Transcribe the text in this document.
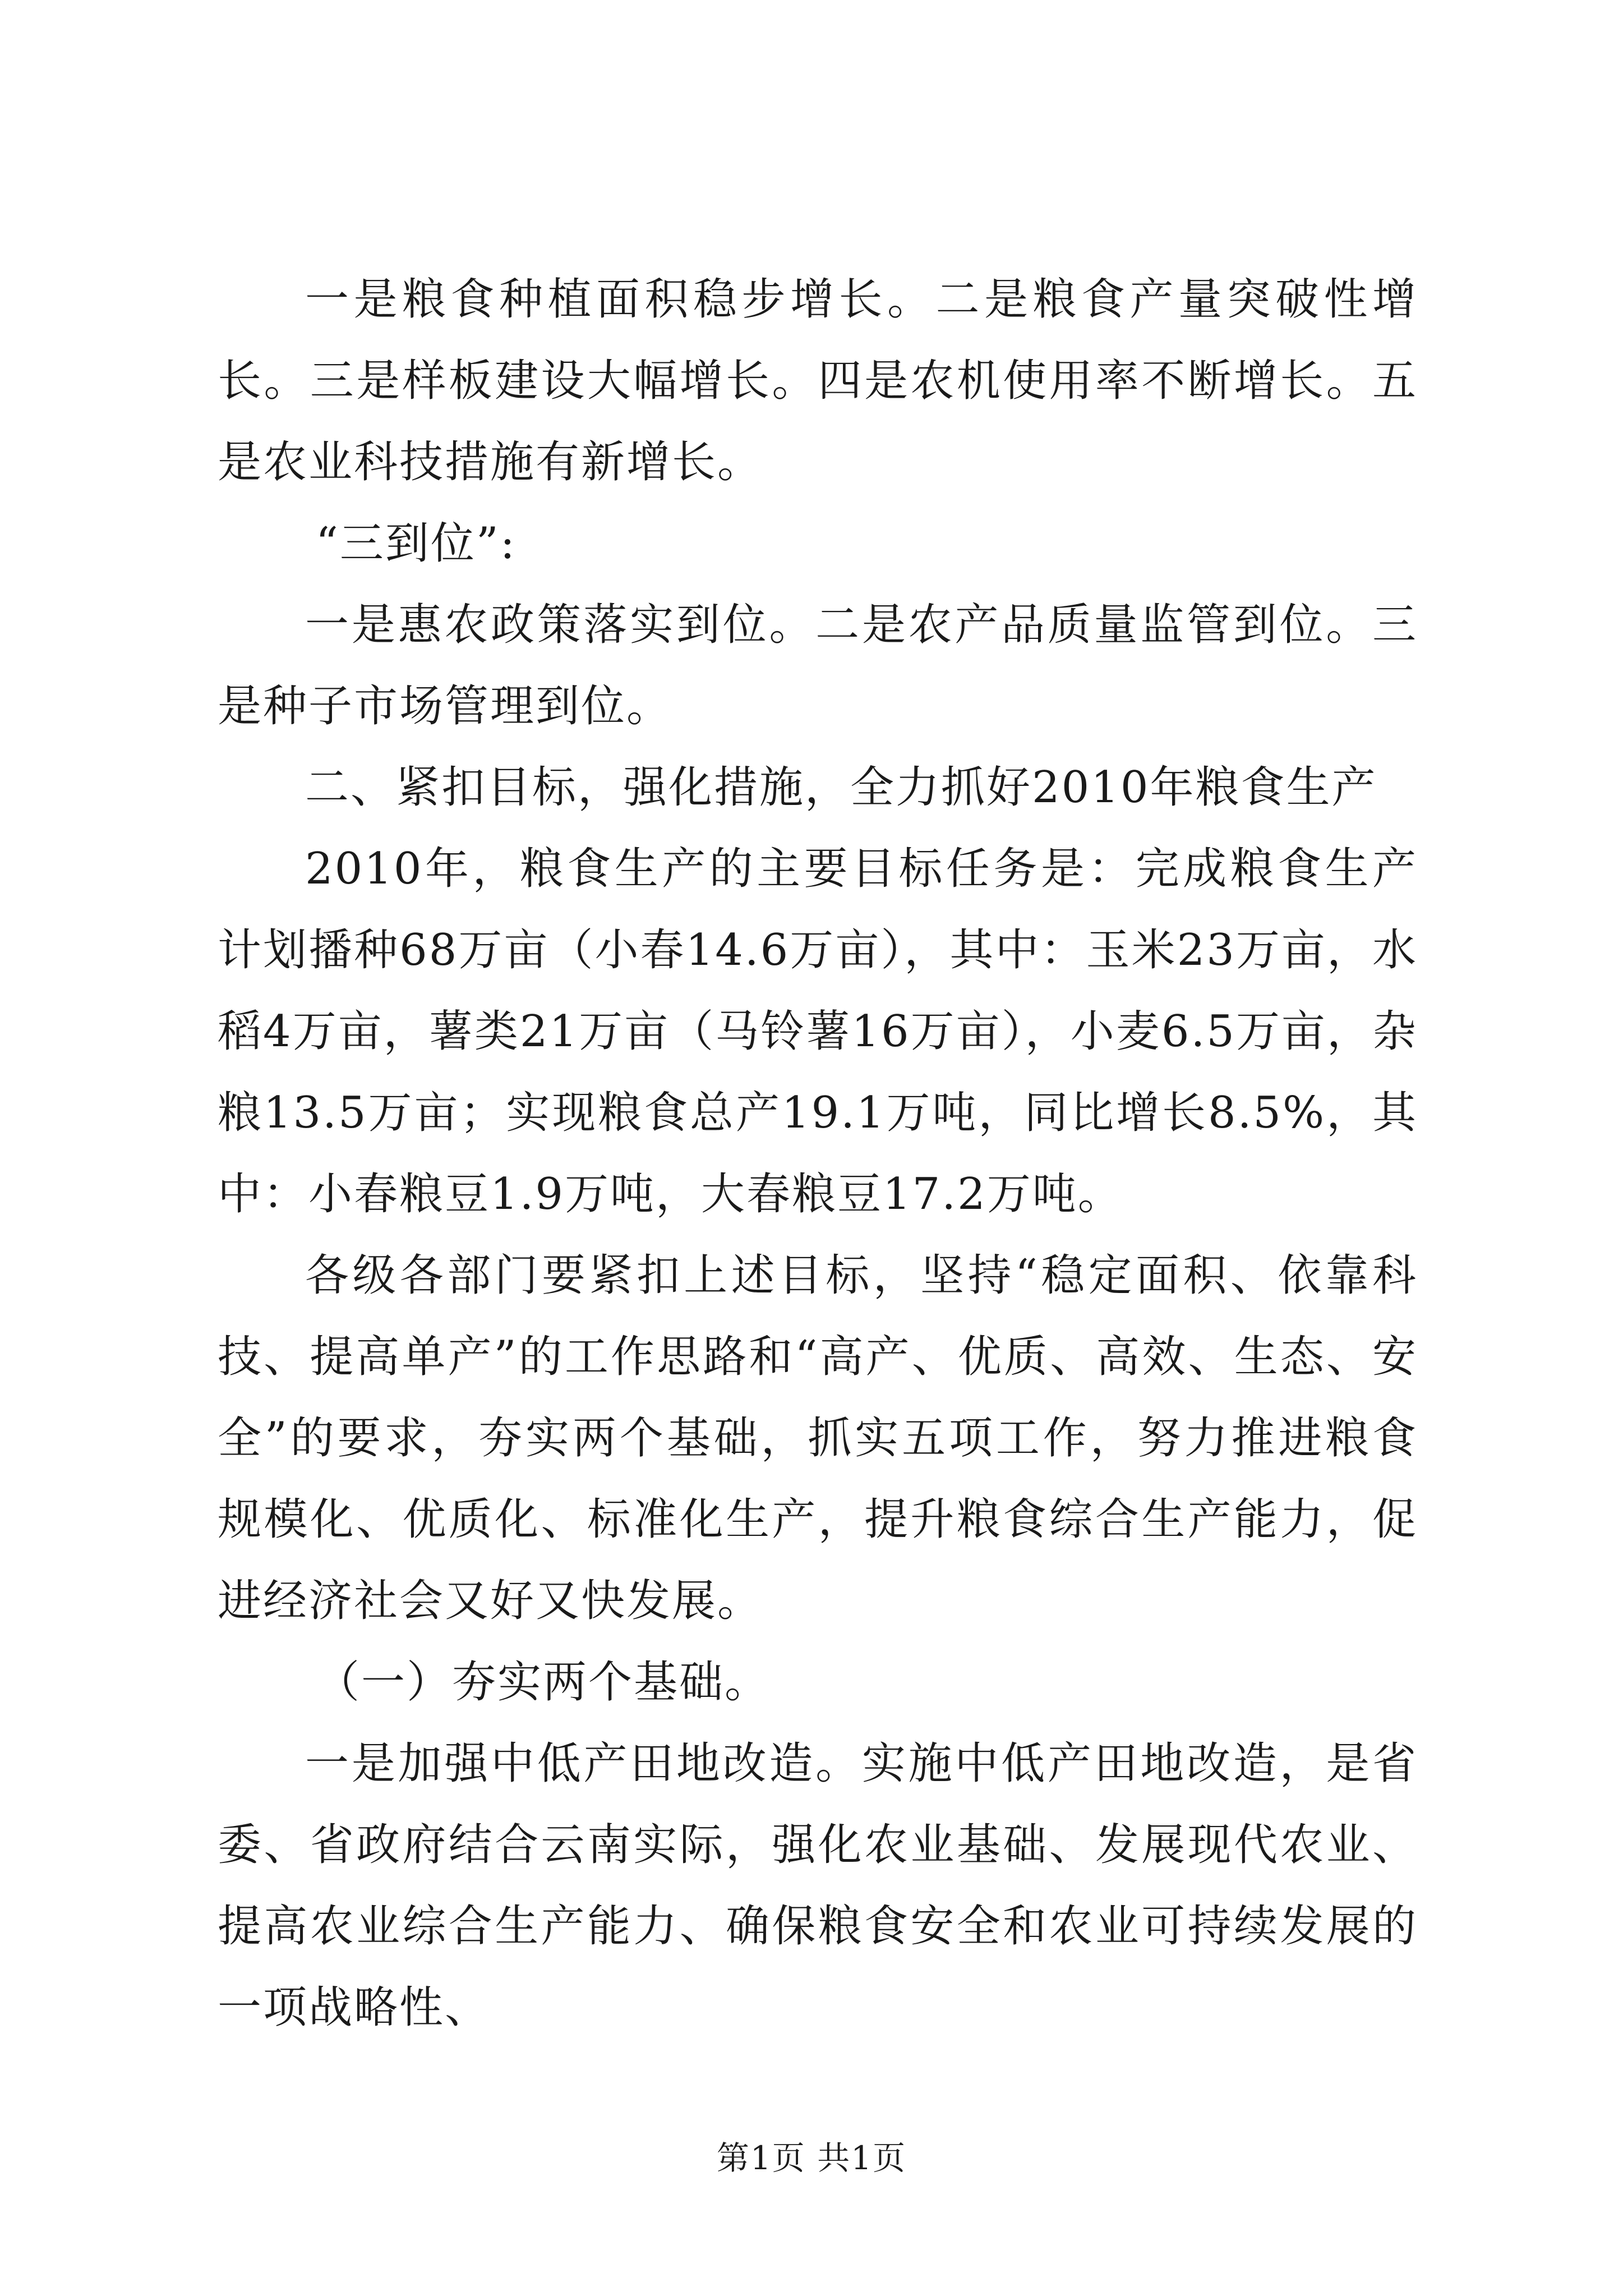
一是粮食种植面积稳步增长。二是粮食产量突破性增长。三是样板建设大幅增长。四是农机使用率不断增长。五是农业科技措施有新增长。

“三到位”:

一是惠农政策落实到位。二是农产品质量监管到位。三是种子市场管理到位。

二、紧扣目标，强化措施，全力抓好2010年粮食生产

2010年，粮食生产的主要目标任务是：完成粮食生产计划播种68万亩（小春14.6万亩），其中：玉米23万亩，水稻4万亩，薯类21万亩（马铃薯16万亩），小麦6.5万亩，杂粮13.5万亩；实现粮食总产19.1万吨，同比增长8.5%，其中：小春粮豆1.9万吨，大春粮豆17.2万吨。

各级各部门要紧扣上述目标，坚持“稳定面积、依靠科技、提高单产”的工作思路和“高产、优质、高效、生态、安全”的要求，夯实两个基础，抓实五项工作，努力推进粮食规模化、优质化、标准化生产，提升粮食综合生产能力，促进经济社会又好又快发展。

（一）夯实两个基础。

一是加强中低产田地改造。实施中低产田地改造，是省委、省政府结合云南实际，强化农业基础、发展现代农业、提高农业综合生产能力、确保粮食安全和农业可持续发展的一项战略性、

第1页 共1页
